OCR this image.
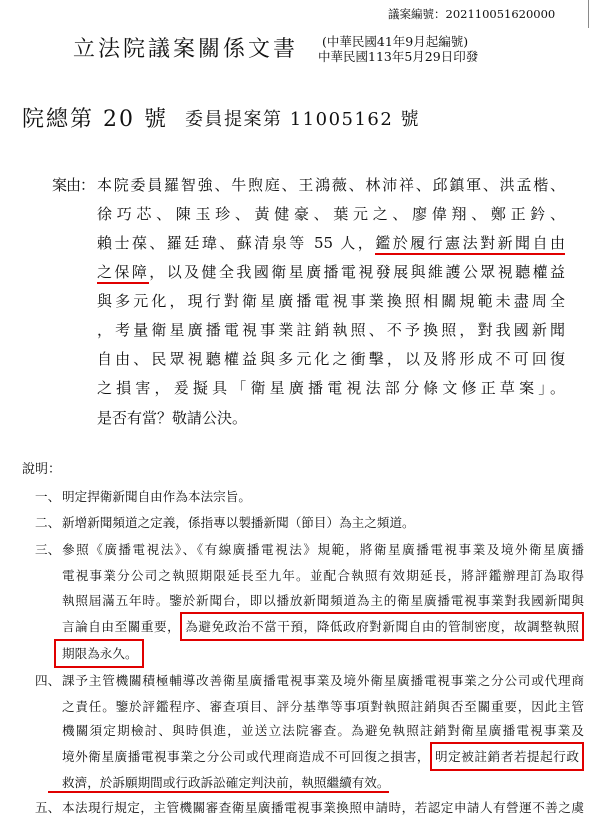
議案編號：202110051620000
立法院議案關係文書 (中華民國41年9月起編號)
中華民國113年5月29日印發
院總第 20 號 委員提案第 11005162 號
案由： 本院委員羅智強、牛煦庭、王鴻薇、林沛祥、邱鎮軍、洪孟楷、
徐巧芯、陳玉珍、黃健豪、葉元之、廖偉翔、鄭正鈐、
賴士葆、羅廷瑋、蘇清泉等 55 人，鑑於履行憲法對新聞自由
之保障，以及健全我國衛星廣播電視發展與維護公眾視聽權益
與多元化，現行對衛星廣播電視事業換照相關規範未盡周全
，考量衛星廣播電視事業註銷執照、不予換照，對我國新聞
自由、民眾視聽權益與多元化之衝擊，以及將形成不可回復
之損害，爰擬具「衛星廣播電視法部分條文修正草案」。
是否有當？敬請公決。
說明：
一、 明定捍衛新聞自由作為本法宗旨。
二、 新增新聞頻道之定義，係指專以製播新聞（節目）為主之頻道。
三、 參照《廣播電視法》、《有線廣播電視法》規範，將衛星廣播電視事業及境外衛星廣播
電視事業分公司之執照期限延長至九年。並配合執照有效期延長，將評鑑辦理訂為取得
執照屆滿五年時。鑒於新聞台，即以播放新聞頻道為主的衛星廣播電視事業對我國新聞與
言論自由至關重要， 為避免政治不當干預，降低政府對新聞自由的管制密度，故調整執照
期限為永久。
四、 課予主管機關積極輔導改善衛星廣播電視事業及境外衛星廣播電視事業之分公司或代理商
之責任。鑒於評鑑程序、審查項目、評分基準等事項對執照註銷與否至關重要，因此主管
機關須定期檢討、與時俱進，並送立法院審查。為避免執照註銷對衛星廣播電視事業及
境外衛星廣播電視事業之分公司或代理商造成不可回復之損害， 明定被註銷者若提起行政
救濟，於訴願期間或行政訴訟確定判決前，執照繼續有效。
五、 本法現行規定，主管機關審查衛星廣播電視事業換照申請時，若認定申請人有營運不善之虞
